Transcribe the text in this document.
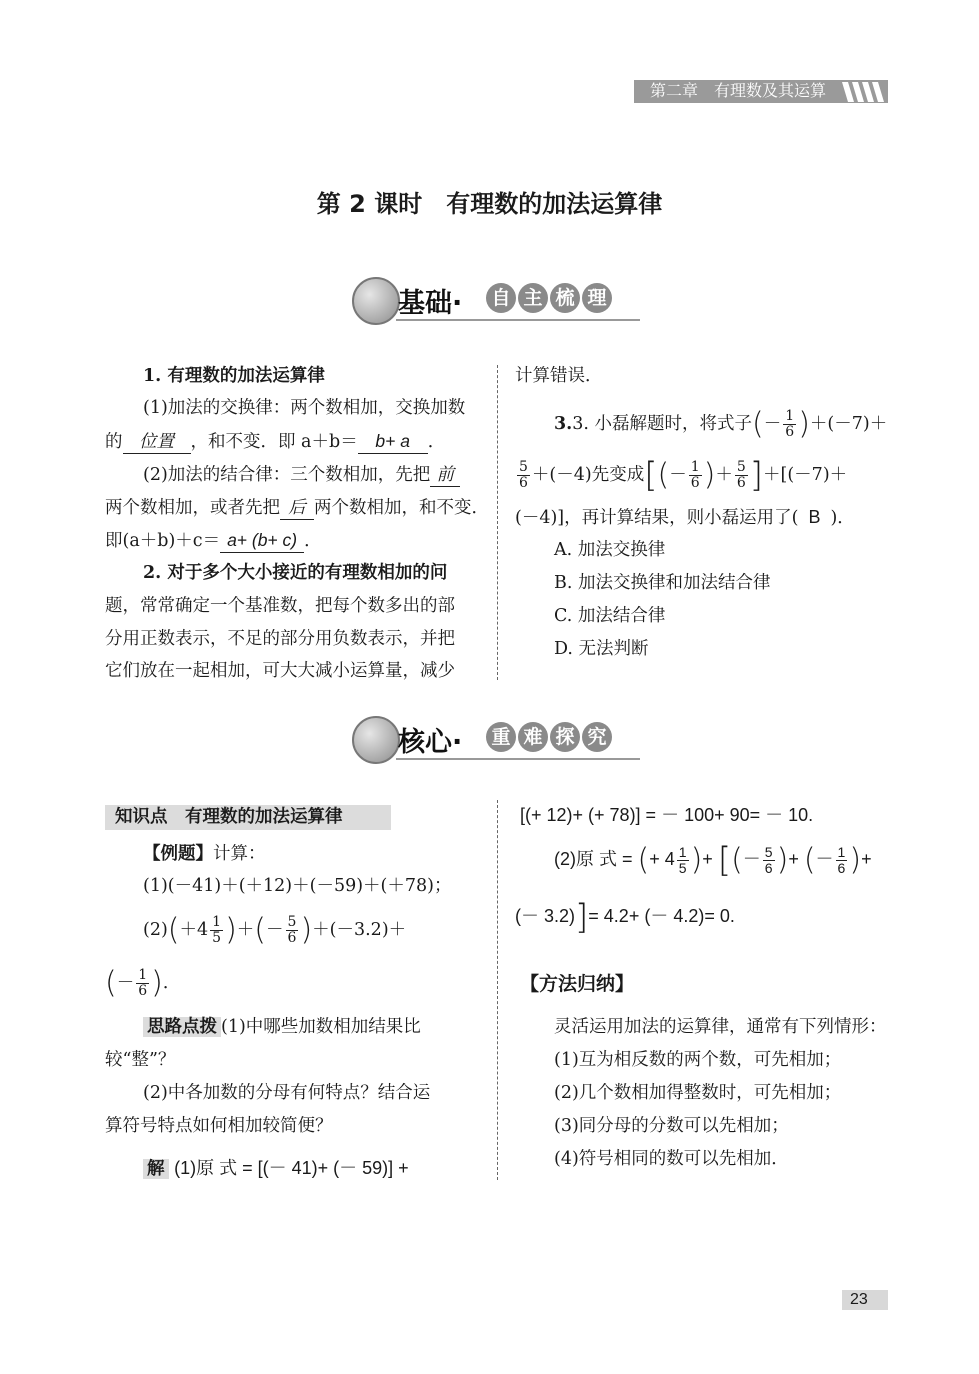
第二章　有理数及其运算
第 2 课时　有理数的加法运算律
基础· 自 主 梳 理
1. 有理数的加法运算律
(1)加法的交换律：两个数相加，交换加数
的 位置 ，和不变．即 a＋b＝ b+ a ．
(2)加法的结合律：三个数相加，先把 前
两个数相加，或者先把 后 两个数相加，和不变．
即(a＋b)＋c＝ a+ (b+ c) ．
2. 对于多个大小接近的有理数相加的问
题，常常确定一个基准数，把每个数多出的部
分用正数表示，不足的部分用负数表示，并把
它们放在一起相加，可大大减小运算量，减少
计算错误．
3.3. 小磊解题时，将式子(－ $\frac{1}{6} )+(-7)+$
$\frac{5}{6} +(-4)$先变成[(－ $\frac{1}{6}$ )＋ $\frac{5}{6} ]+[(-7)+$
(－4)]，再计算结果，则小磊运用了( B )．
A. 加法交换律
B. 加法交换律和加法结合律
C. 加法结合律
D. 无法判断
核心· 重 难 探 究
知识点　有理数的加法运算律
【例题】计算：
(1)(－41)＋(＋12)＋(－59)＋(＋78)；
$(2)(+4 \frac{1}{5}$ )＋(－ $\frac{5}{6} )+(-3.2)+$
(－ $\frac{1}{6}$ )．
思路点拨 (1)中哪些加数相加结果比
较“整”？
(2)中各加数的分母有何特点？结合运
算符号特点如何相加较简便？
解 (1)原 式 = [(－ 41)+ (－ 59)] +
[(+ 12)+ (+ 78)] = － 100+ 90= － 10.
(2)原 式 = (+ $4 \frac{1}{5}$ )+ [(－ $\frac{5}{6}$ )+ (－ $\frac{1}{6}$ )+
(－ 3.2)]= 4.2+ (－ 4.2)= 0.
【方法归纳】
灵活运用加法的运算律，通常有下列情形：
(1)互为相反数的两个数，可先相加；
(2)几个数相加得整数时，可先相加；
(3)同分母的分数可以先相加；
(4)符号相同的数可以先相加．
23
